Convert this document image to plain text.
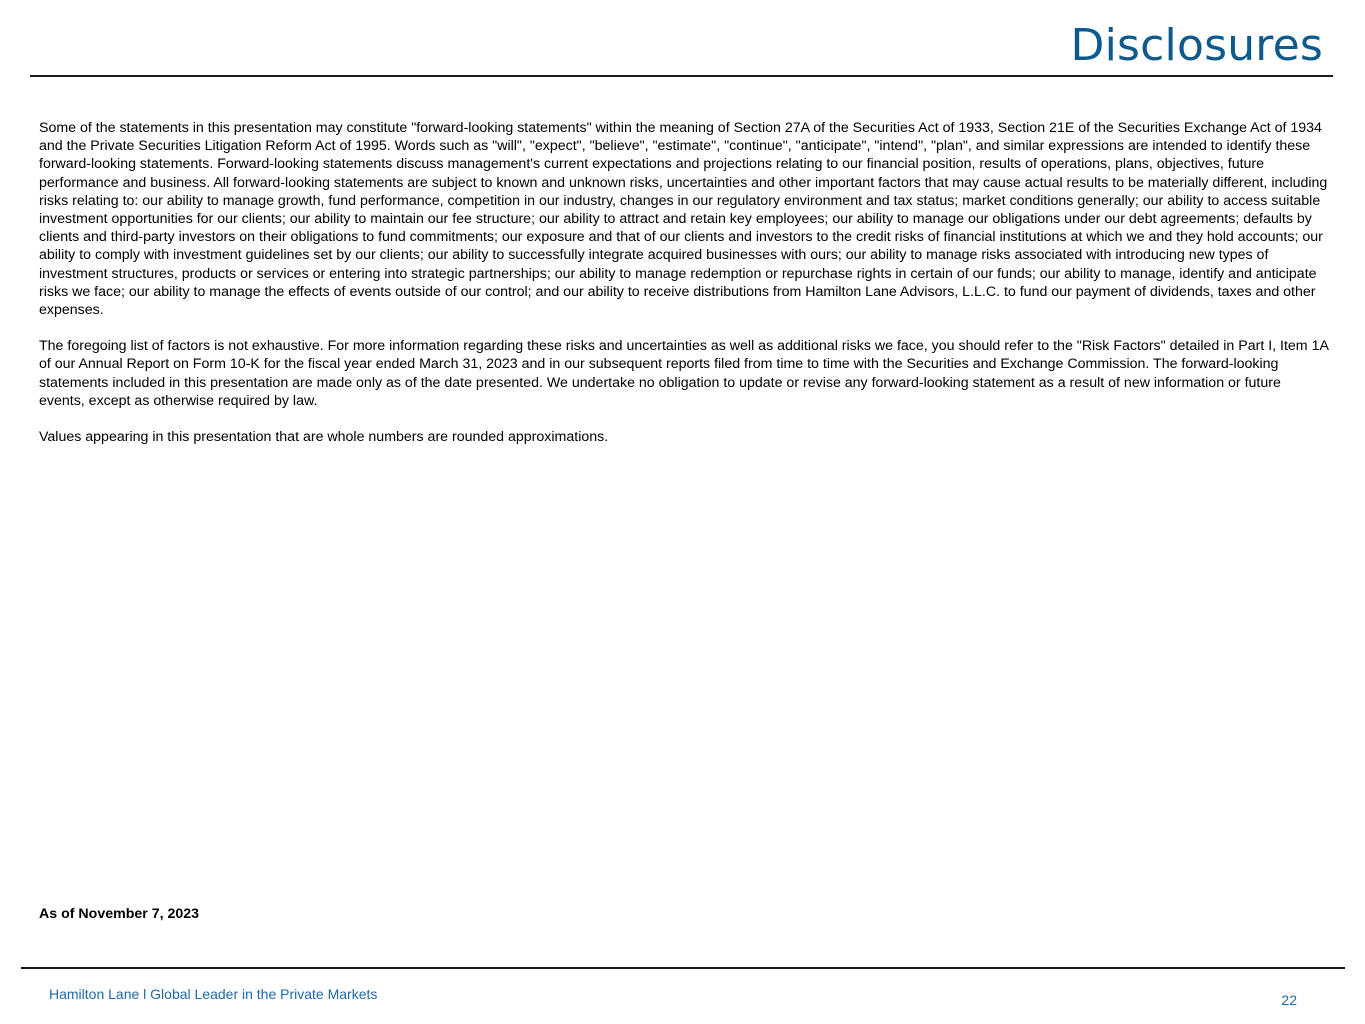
Disclosures

Some of the statements in this presentation may constitute "forward-looking statements" within the meaning of Section 27A of the Securities Act of 1933, Section 21E of the Securities Exchange Act of 1934 and the Private Securities Litigation Reform Act of 1995. Words such as "will", "expect", "believe", "estimate", "continue", "anticipate", "intend", "plan", and similar expressions are intended to identify these forward-looking statements. Forward-looking statements discuss management's current expectations and projections relating to our financial position, results of operations, plans, objectives, future performance and business. All forward-looking statements are subject to known and unknown risks, uncertainties and other important factors that may cause actual results to be materially different, including risks relating to: our ability to manage growth, fund performance, competition in our industry, changes in our regulatory environment and tax status; market conditions generally; our ability to access suitable investment opportunities for our clients; our ability to maintain our fee structure; our ability to attract and retain key employees; our ability to manage our obligations under our debt agreements; defaults by clients and third-party investors on their obligations to fund commitments; our exposure and that of our clients and investors to the credit risks of financial institutions at which we and they hold accounts; our ability to comply with investment guidelines set by our clients; our ability to successfully integrate acquired businesses with ours; our ability to manage risks associated with introducing new types of investment structures, products or services or entering into strategic partnerships; our ability to manage redemption or repurchase rights in certain of our funds; our ability to manage, identify and anticipate risks we face; our ability to manage the effects of events outside of our control; and our ability to receive distributions from Hamilton Lane Advisors, L.L.C. to fund our payment of dividends, taxes and other expenses.

The foregoing list of factors is not exhaustive. For more information regarding these risks and uncertainties as well as additional risks we face, you should refer to the "Risk Factors" detailed in Part I, Item 1A of our Annual Report on Form 10-K for the fiscal year ended March 31, 2023 and in our subsequent reports filed from time to time with the Securities and Exchange Commission. The forward-looking statements included in this presentation are made only as of the date presented. We undertake no obligation to update or revise any forward-looking statement as a result of new information or future events, except as otherwise required by law.

Values appearing in this presentation that are whole numbers are rounded approximations.

As of November 7, 2023

Hamilton Lane l Global Leader in the Private Markets	22
